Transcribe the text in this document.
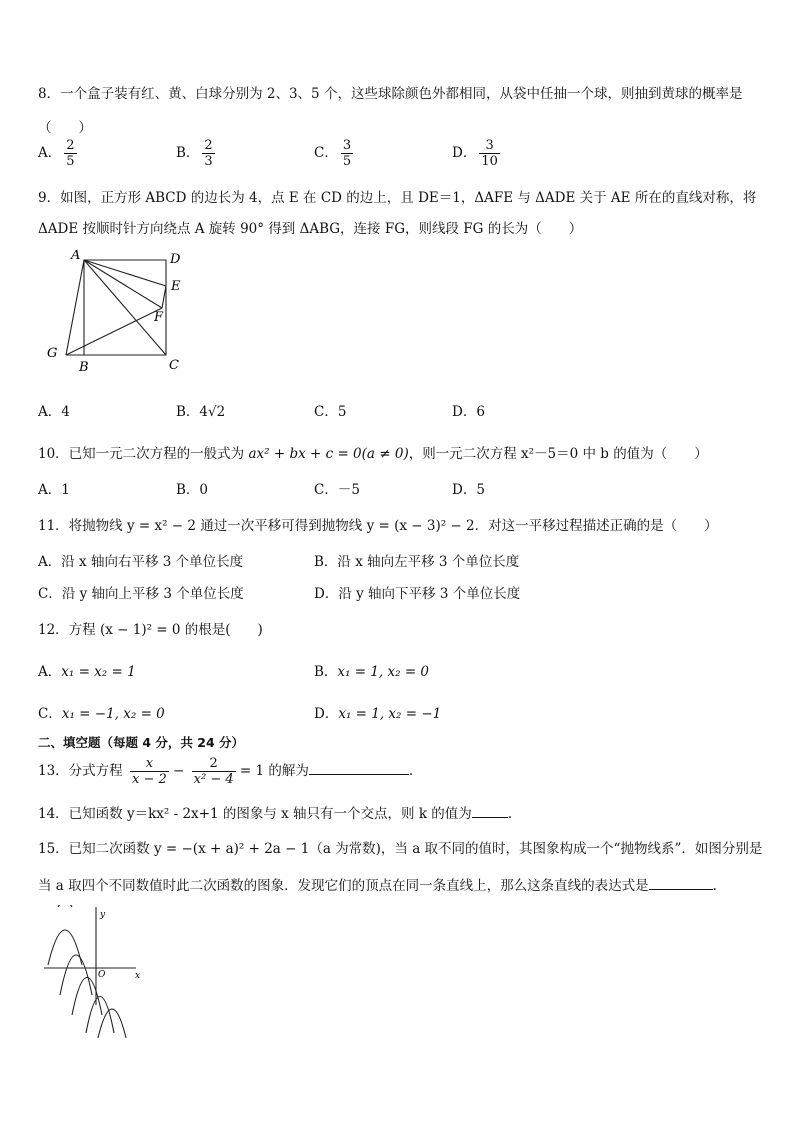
8．一个盒子装有红、黄、白球分别为 2、3、5 个，这些球除颜色外都相同，从袋中任抽一个球，则抽到黄球的概率是
（　　）
A． $\frac{2}{5}$	B． $\frac{2}{3}$	C． $\frac{3}{5}$	D． $\frac{3}{10}$
9．如图，正方形 ABCD 的边长为 4，点 E 在 CD 的边上，且 DE＝1，ΔAFE 与 ΔADE 关于 AE 所在的直线对称，将
ΔADE 按顺时针方向绕点 A 旋转 90° 得到 ΔABG，连接 FG，则线段 FG 的长为（　　）
A	D
E
F
G
B	C
A．4	B．4√2	C．5	D．6
10．已知一元二次方程的一般式为 ax² + bx + c = 0(a ≠ 0)，则一元二次方程 x²－5＝0 中 b 的值为（　　）
A．1	B．0	C．－5	D．5
11．将抛物线 y = x² − 2 通过一次平移可得到抛物线 y = (x − 3)² − 2．对这一平移过程描述正确的是（　　）
A．沿 x 轴向右平移 3 个单位长度	B．沿 x 轴向左平移 3 个单位长度
C．沿 y 轴向上平移 3 个单位长度	D．沿 y 轴向下平移 3 个单位长度
12．方程 (x − 1)² = 0 的根是(　　)
A．x₁ = x₂ = 1	B．x₁ = 1, x₂ = 0
C．x₁ = −1, x₂ = 0	D．x₁ = 1, x₂ = −1
二、填空题（每题 4 分，共 24 分）
13．分式方程 $\frac{x}{x - 2} - \frac{2}{\text{x² − 4}} = 1$ 的解为	.
14．已知函数 y＝kx² - 2x+1 的图象与 x 轴只有一个交点，则 k 的值为	.
15．已知二次函数 y = −(x + a)² + 2a − 1（a 为常数)，当 a 取不同的值时，其图象构成一个“抛物线系”．如图分别是
当 a 取四个不同数值时此二次函数的图象．发现它们的顶点在同一条直线上，那么这条直线的表达式是	.
y
x
O
